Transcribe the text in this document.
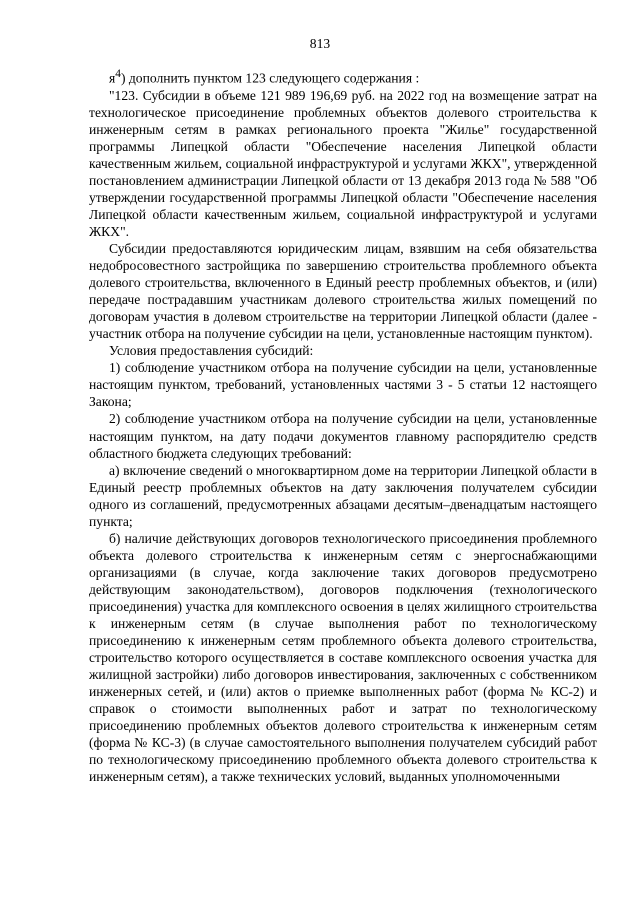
813

$я^4$) дополнить пунктом 123 следующего содержания :

"123. Субсидии в объеме 121 989 196,69 руб. на 2022 год на возмещение затрат на технологическое присоединение проблемных объектов долевого строительства к инженерным сетям в рамках регионального проекта "Жилье" государственной программы Липецкой области "Обеспечение населения Липецкой области качественным жильем, социальной инфраструктурой и услугами ЖКХ", утвержденной постановлением администрации Липецкой области от 13 декабря 2013 года № 588 "Об утверждении государственной программы Липецкой области "Обеспечение населения Липецкой области качественным жильем, социальной инфраструктурой и услугами ЖКХ".

Субсидии предоставляются юридическим лицам, взявшим на себя обязательства недобросовестного застройщика по завершению строительства проблемного объекта долевого строительства, включенного в Единый реестр проблемных объектов, и (или) передаче пострадавшим участникам долевого строительства жилых помещений по договорам участия в долевом строительстве на территории Липецкой области (далее - участник отбора на получение субсидии на цели, установленные настоящим пунктом).

Условия предоставления субсидий:

1) соблюдение участником отбора на получение субсидии на цели, установленные настоящим пунктом, требований, установленных частями 3 - 5 статьи 12 настоящего Закона;

2) соблюдение участником отбора на получение субсидии на цели, установленные настоящим пунктом, на дату подачи документов главному распорядителю средств областного бюджета следующих требований:

а) включение сведений о многоквартирном доме на территории Липецкой области в Единый реестр проблемных объектов на дату заключения получателем субсидии одного из соглашений, предусмотренных абзацами десятым–двенадцатым настоящего пункта;

б) наличие действующих договоров технологического присоединения проблемного объекта долевого строительства к инженерным сетям с энергоснабжающими организациями (в случае, когда заключение таких договоров предусмотрено действующим законодательством), договоров подключения (технологического присоединения) участка для комплексного освоения в целях жилищного строительства к инженерным сетям (в случае выполнения работ по технологическому присоединению к инженерным сетям проблемного объекта долевого строительства, строительство которого осуществляется в составе комплексного освоения участка для жилищной застройки) либо договоров инвестирования, заключенных с собственником инженерных сетей, и (или) актов о приемке выполненных работ (форма № КС-2) и справок о стоимости выполненных работ и затрат по технологическому присоединению проблемных объектов долевого строительства к инженерным сетям (форма № КС-3) (в случае самостоятельного выполнения получателем субсидий работ по технологическому присоединению проблемного объекта долевого строительства к инженерным сетям), а также технических условий, выданных уполномоченными
